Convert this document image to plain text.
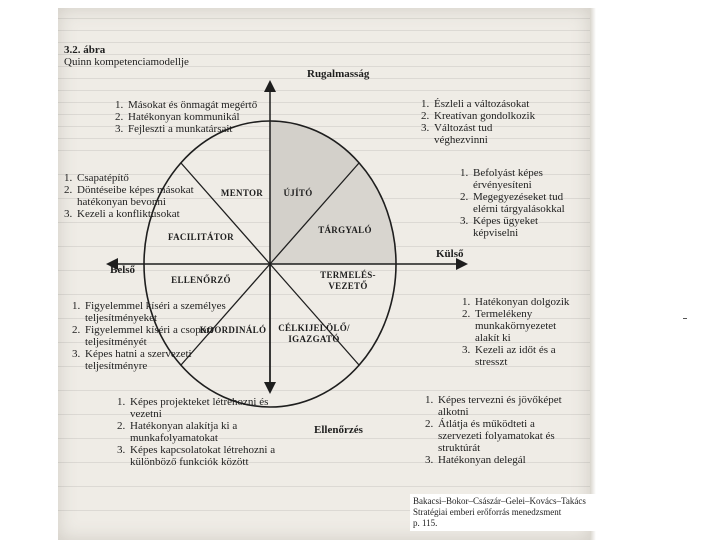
3.2. ábra
Quinn kompetenciamodellje
Rugalmasság
Ellenőrzés
Belső
Külső
MENTOR	ÚJÍTÓ
TÁRGYALÓ
TERMELÉS-
VEZETŐ
CÉLKIJELÖLŐ/
IGAZGATÓ
KOORDINÁLÓ
ELLENŐRZŐ
FACILITÁTOR
1. Másokat és önmagát megértő
2. Hatékonyan kommunikál
3. Fejleszti a munkatársait
1. Észleli a változásokat
2. Kreatívan gondolkozik
3. Változást tud véghezvinni
1. Csapatépítő
2. Döntéseibe képes másokat hatékonyan bevonni
3. Kezeli a konfliktusokat
1. Befolyást képes érvényesíteni
2. Megegyezéseket tud elérni tárgyalásokkal
3. Képes ügyeket képviselni
1. Figyelemmel kíséri a személyes teljesítményeket
2. Figyelemmel kíséri a csoport teljesítményét
3. Képes hatni a szervezeti teljesítményre
1. Hatékonyan dolgozik
2. Termelékeny munkakörnyezetet alakít ki
3. Kezeli az időt és a stresszt
1. Képes projekteket létrehozni és vezetni
2. Hatékonyan alakítja ki a munkafolyamatokat
3. Képes kapcsolatokat létrehozni a különböző funkciók között
1. Képes tervezni és jövőképet alkotni
2. Átlátja és működteti a szervezeti folyamatokat és struktúrát
3. Hatékonyan delegál
Bakacsi–Bokor–Császár–Gelei–Kovács–Takács
Stratégiai emberi erőforrás menedzsment
p. 115.
